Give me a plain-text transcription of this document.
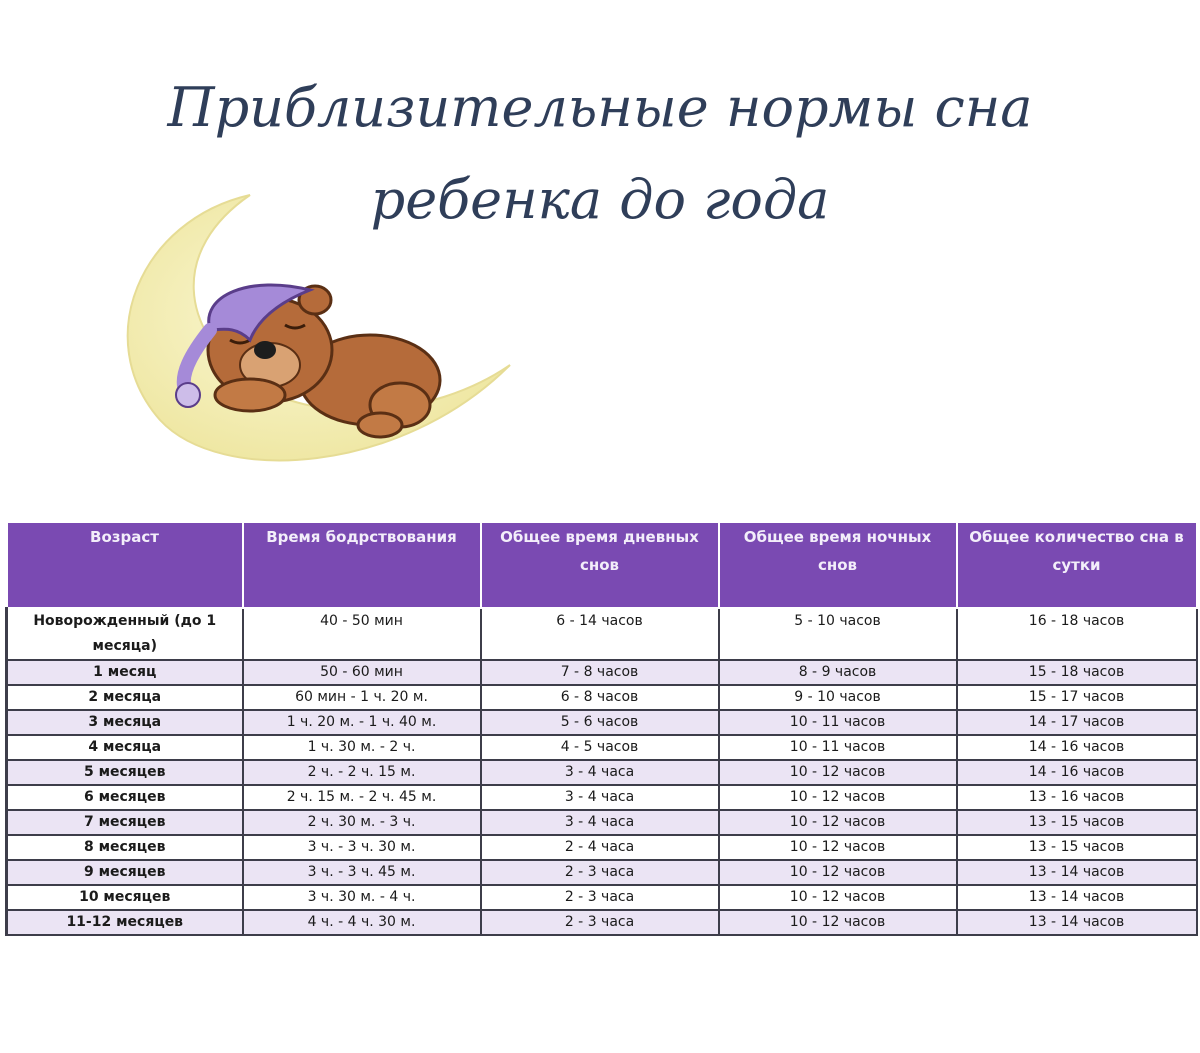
Приблизительные нормы сна
ребенка до года
Возраст	Время бодрствования	Общее время дневных снов	Общее время ночных снов	Общее количество сна в сутки
Новорожденный (до 1 месяца)	40 - 50 мин	6 - 14 часов	5 - 10 часов	16 - 18 часов
1 месяц	50 - 60 мин	7 - 8 часов	8 - 9 часов	15 - 18 часов
2 месяца	60 мин - 1 ч. 20 м.	6 - 8 часов	9 - 10 часов	15 - 17 часов
3 месяца	1 ч. 20 м. - 1 ч. 40 м.	5 - 6 часов	10 - 11 часов	14 - 17 часов
4 месяца	1 ч. 30 м. - 2 ч.	4 - 5 часов	10 - 11 часов	14 - 16 часов
5 месяцев	2 ч. - 2 ч. 15 м.	3 - 4 часа	10 - 12 часов	14 - 16 часов
6 месяцев	2 ч. 15 м. - 2 ч. 45 м.	3 - 4 часа	10 - 12 часов	13 - 16 часов
7 месяцев	2 ч. 30 м. - 3 ч.	3 - 4 часа	10 - 12 часов	13 - 15 часов
8 месяцев	3 ч. - 3 ч. 30 м.	2 - 4 часа	10 - 12 часов	13 - 15 часов
9 месяцев	3 ч. - 3 ч. 45 м.	2 - 3 часа	10 - 12 часов	13 - 14 часов
10 месяцев	3 ч. 30 м. - 4 ч.	2 - 3 часа	10 - 12 часов	13 - 14 часов
11-12 месяцев	4 ч. - 4 ч. 30 м.	2 - 3 часа	10 - 12 часов	13 - 14 часов
